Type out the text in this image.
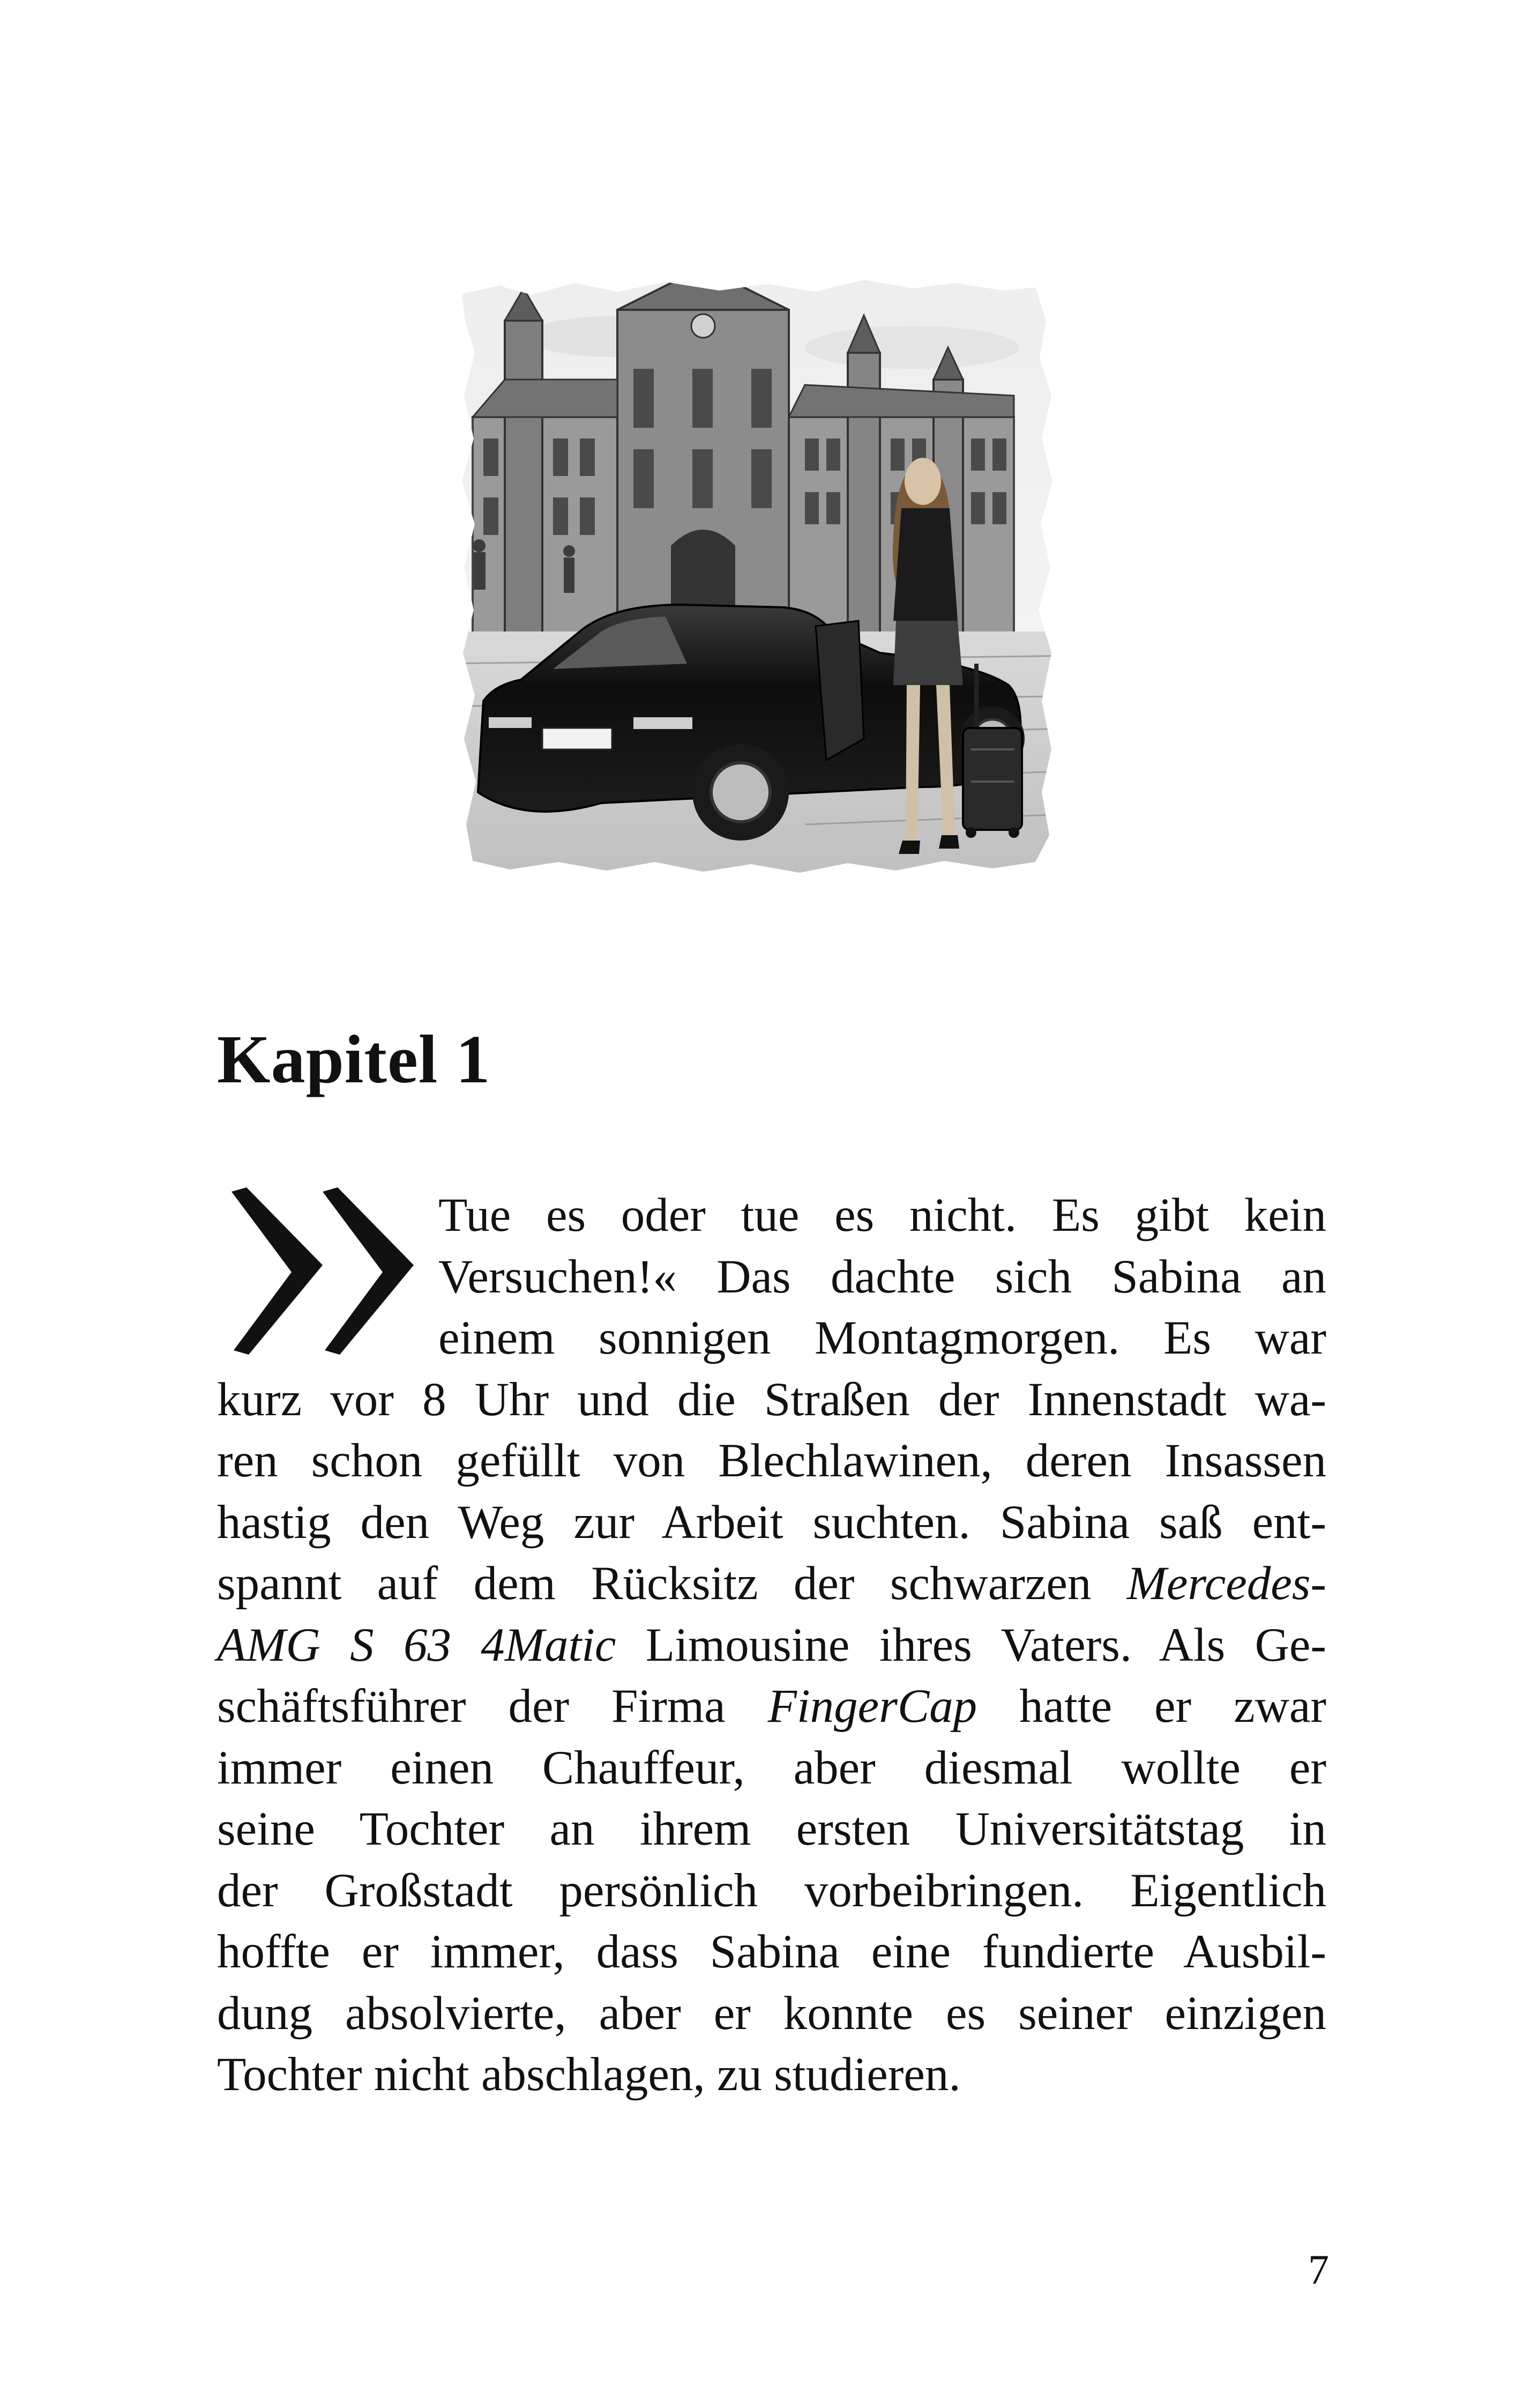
Kapitel 1
Tue es oder tue es nicht. Es gibt kein
Versuchen!« Das dachte sich Sabina an
einem sonnigen Montagmorgen. Es war
kurz vor 8 Uhr und die Straßen der Innenstadt wa-
ren schon gefüllt von Blechlawinen, deren Insassen
hastig den Weg zur Arbeit suchten. Sabina saß ent-
spannt auf dem Rücksitz der schwarzen Mercedes-
AMG S 63 4Matic Limousine ihres Vaters. Als Ge-
schäftsführer der Firma FingerCap hatte er zwar
immer einen Chauffeur, aber diesmal wollte er
seine Tochter an ihrem ersten Universitätstag in
der Großstadt persönlich vorbeibringen. Eigentlich
hoffte er immer, dass Sabina eine fundierte Ausbil-
dung absolvierte, aber er konnte es seiner einzigen
Tochter nicht abschlagen, zu studieren.
7
